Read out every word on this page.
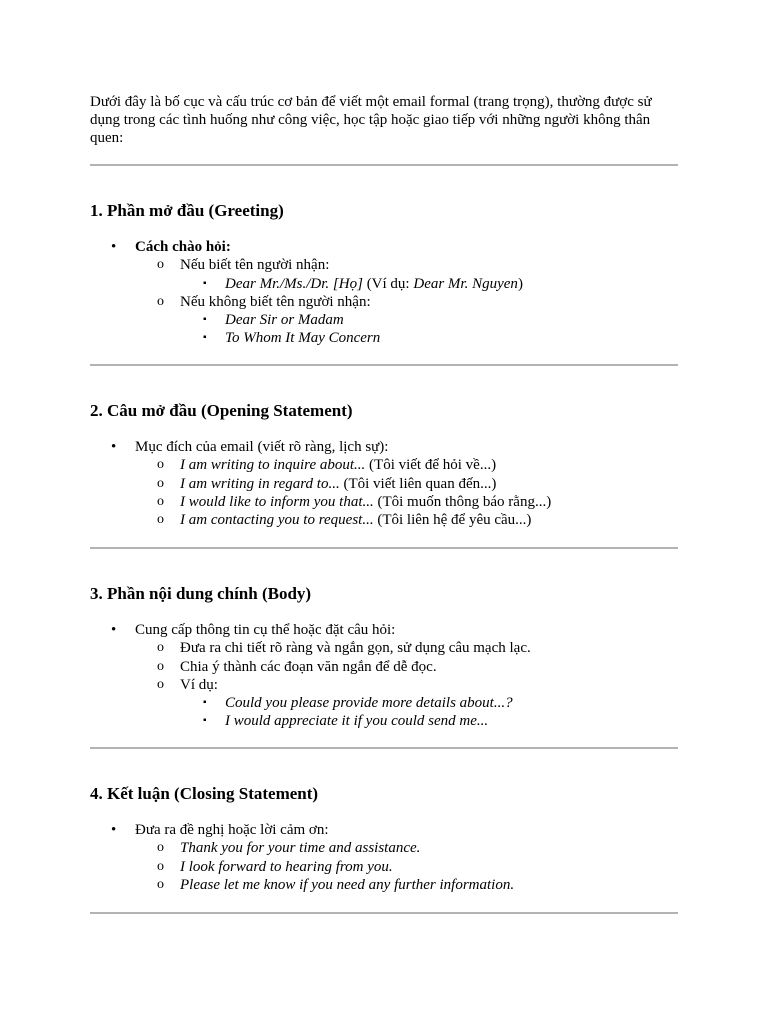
Dưới đây là bố cục và cấu trúc cơ bản để viết một email formal (trang trọng), thường được sử dụng trong các tình huống như công việc, học tập hoặc giao tiếp với những người không thân quen:
1. Phần mở đầu (Greeting)
• Cách chào hỏi:
o Nếu biết tên người nhận:
▪ Dear Mr./Ms./Dr. [Họ] (Ví dụ: Dear Mr. Nguyen)
o Nếu không biết tên người nhận:
▪ Dear Sir or Madam
▪ To Whom It May Concern
2. Câu mở đầu (Opening Statement)
• Mục đích của email (viết rõ ràng, lịch sự):
o I am writing to inquire about... (Tôi viết để hỏi về...)
o I am writing in regard to... (Tôi viết liên quan đến...)
o I would like to inform you that... (Tôi muốn thông báo rằng...)
o I am contacting you to request... (Tôi liên hệ để yêu cầu...)
3. Phần nội dung chính (Body)
• Cung cấp thông tin cụ thể hoặc đặt câu hỏi:
o Đưa ra chi tiết rõ ràng và ngắn gọn, sử dụng câu mạch lạc.
o Chia ý thành các đoạn văn ngắn để dễ đọc.
o Ví dụ:
▪ Could you please provide more details about...?
▪ I would appreciate it if you could send me...
4. Kết luận (Closing Statement)
• Đưa ra đề nghị hoặc lời cảm ơn:
o Thank you for your time and assistance.
o I look forward to hearing from you.
o Please let me know if you need any further information.
